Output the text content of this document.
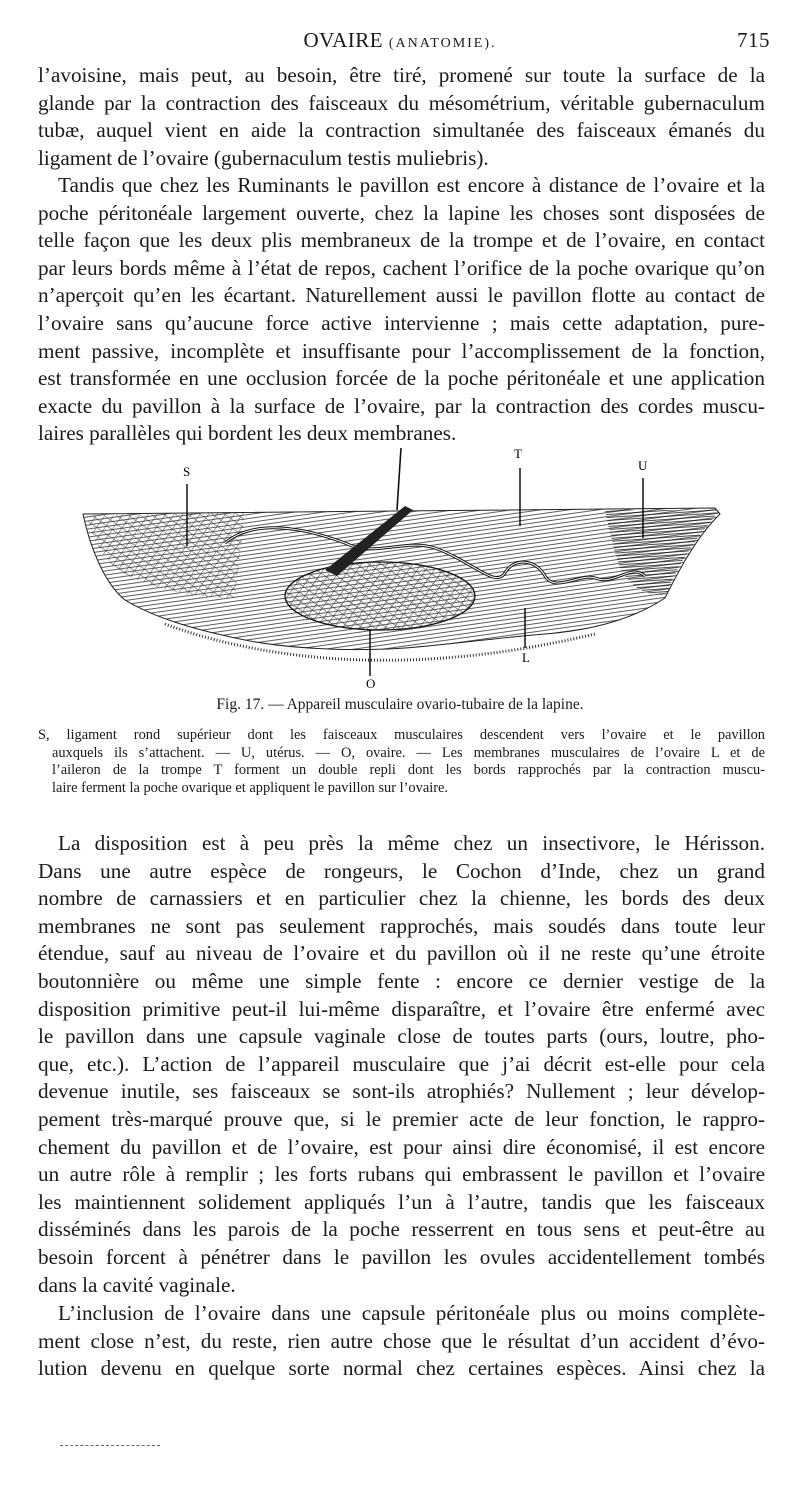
OVAIRE (ANATOMIE).	715
l’avoisine, mais peut, au besoin, être tiré, promené sur toute la surface de la
glande par la contraction des faisceaux du mésométrium, véritable gubernaculum
tubæ, auquel vient en aide la contraction simultanée des faisceaux émanés du
ligament de l’ovaire (gubernaculum testis muliebris).
Tandis que chez les Ruminants le pavillon est encore à distance de l’ovaire et la
poche péritonéale largement ouverte, chez la lapine les choses sont disposées de
telle façon que les deux plis membraneux de la trompe et de l’ovaire, en contact
par leurs bords même à l’état de repos, cachent l’orifice de la poche ovarique qu’on
n’aperçoit qu’en les écartant. Naturellement aussi le pavillon flotte au contact de
l’ovaire sans qu’aucune force active intervienne ; mais cette adaptation, pure-
ment passive, incomplète et insuffisante pour l’accomplissement de la fonction,
est transformée en une occlusion forcée de la poche péritonéale et une application
exacte du pavillon à la surface de l’ovaire, par la contraction des cordes muscu-
laires parallèles qui bordent les deux membranes.
S
T
U
L
O
Fig. 17. — Appareil musculaire ovario-tubaire de la lapine.
S, ligament rond supérieur dont les faisceaux musculaires descendent vers l’ovaire et le pavillon
auxquels ils s’attachent. — U, utérus. — O, ovaire. — Les membranes musculaires de l’ovaire L et de
l’aileron de la trompe T forment un double repli dont les bords rapprochés par la contraction muscu-
laire ferment la poche ovarique et appliquent le pavillon sur l’ovaire.
La disposition est à peu près la même chez un insectivore, le Hérisson.
Dans une autre espèce de rongeurs, le Cochon d’Inde, chez un grand
nombre de carnassiers et en particulier chez la chienne, les bords des deux
membranes ne sont pas seulement rapprochés, mais soudés dans toute leur
étendue, sauf au niveau de l’ovaire et du pavillon où il ne reste qu’une étroite
boutonnière ou même une simple fente : encore ce dernier vestige de la
disposition primitive peut-il lui-même disparaître, et l’ovaire être enfermé avec
le pavillon dans une capsule vaginale close de toutes parts (ours, loutre, pho-
que, etc.). L’action de l’appareil musculaire que j’ai décrit est-elle pour cela
devenue inutile, ses faisceaux se sont-ils atrophiés? Nullement ; leur dévelop-
pement très-marqué prouve que, si le premier acte de leur fonction, le rappro-
chement du pavillon et de l’ovaire, est pour ainsi dire économisé, il est encore
un autre rôle à remplir ; les forts rubans qui embrassent le pavillon et l’ovaire
les maintiennent solidement appliqués l’un à l’autre, tandis que les faisceaux
disséminés dans les parois de la poche resserrent en tous sens et peut-être au
besoin forcent à pénétrer dans le pavillon les ovules accidentellement tombés
dans la cavité vaginale.
L’inclusion de l’ovaire dans une capsule péritonéale plus ou moins complète-
ment close n’est, du reste, rien autre chose que le résultat d’un accident d’évo-
lution devenu en quelque sorte normal chez certaines espèces. Ainsi chez la
